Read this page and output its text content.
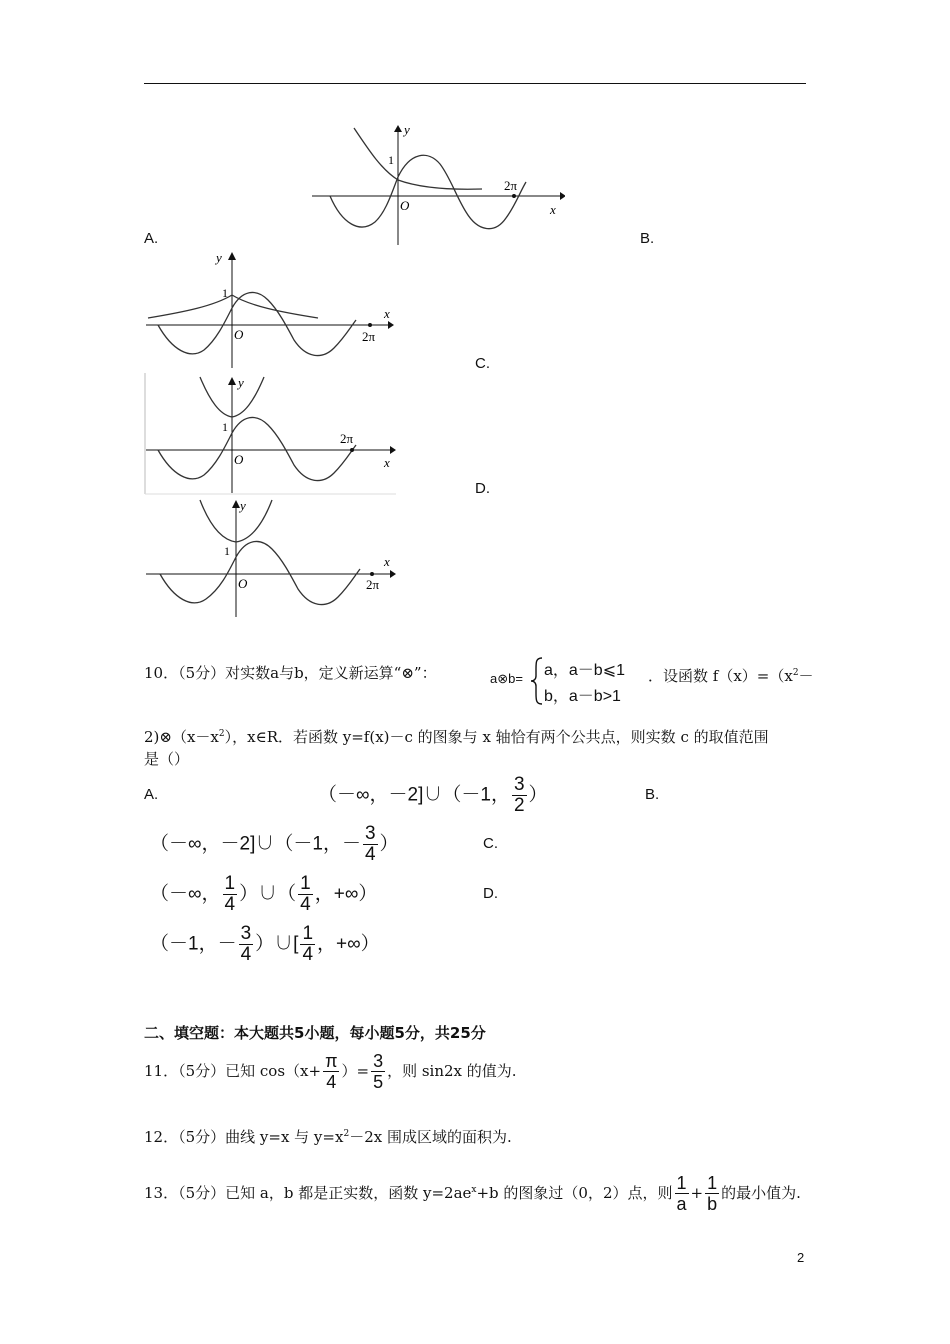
y
x
O
1
2π
A.	B.
y
x
O
1
2π
C.
y
x
O
1
2π
D.
y
x
O
1
2π
10．（5分）对实数a与b，定义新运算“⊗”：	a⊗b= a，a－b⩽1
b，a－b>1
．设函数 $f(x)=(x^2-$
$2)\otimes(x-x^2)$，x∈R．若函数 y=f(x)－c 的图象与 x 轴恰有两个公共点，则实数 c 的取值范围
是（）
A.	（－∞，－2]∪（－1， $\frac{3}{2}$ ）	B.
（－∞，－2]∪（－1，－ $\frac{3}{4}$ ）	C.
（－∞， $\frac{1}{4}$ ）∪（ $\frac{1}{4}$ ，+∞）	D.
（－1，－ $\frac{3}{4}$ ）∪[ $\frac{1}{4}$ ，+∞）
二、填空题：本大题共5小题，每小题5分，共25分
11．（5分）已知 $\cos(x+ \frac{\pi}{4}$ ）= $\frac{3}{5}$ ，则 sin2x 的值为.
12．（5分）曲线 y=x 与 $y=x^2-2x$ 围成区域的面积为.
13．（5分）已知 a，b 都是正实数，函数 y=2ae x +b 的图象过（0，2）点，则 $\frac{1}{a} + \frac{1}{b}$ 的最小值为.
2
